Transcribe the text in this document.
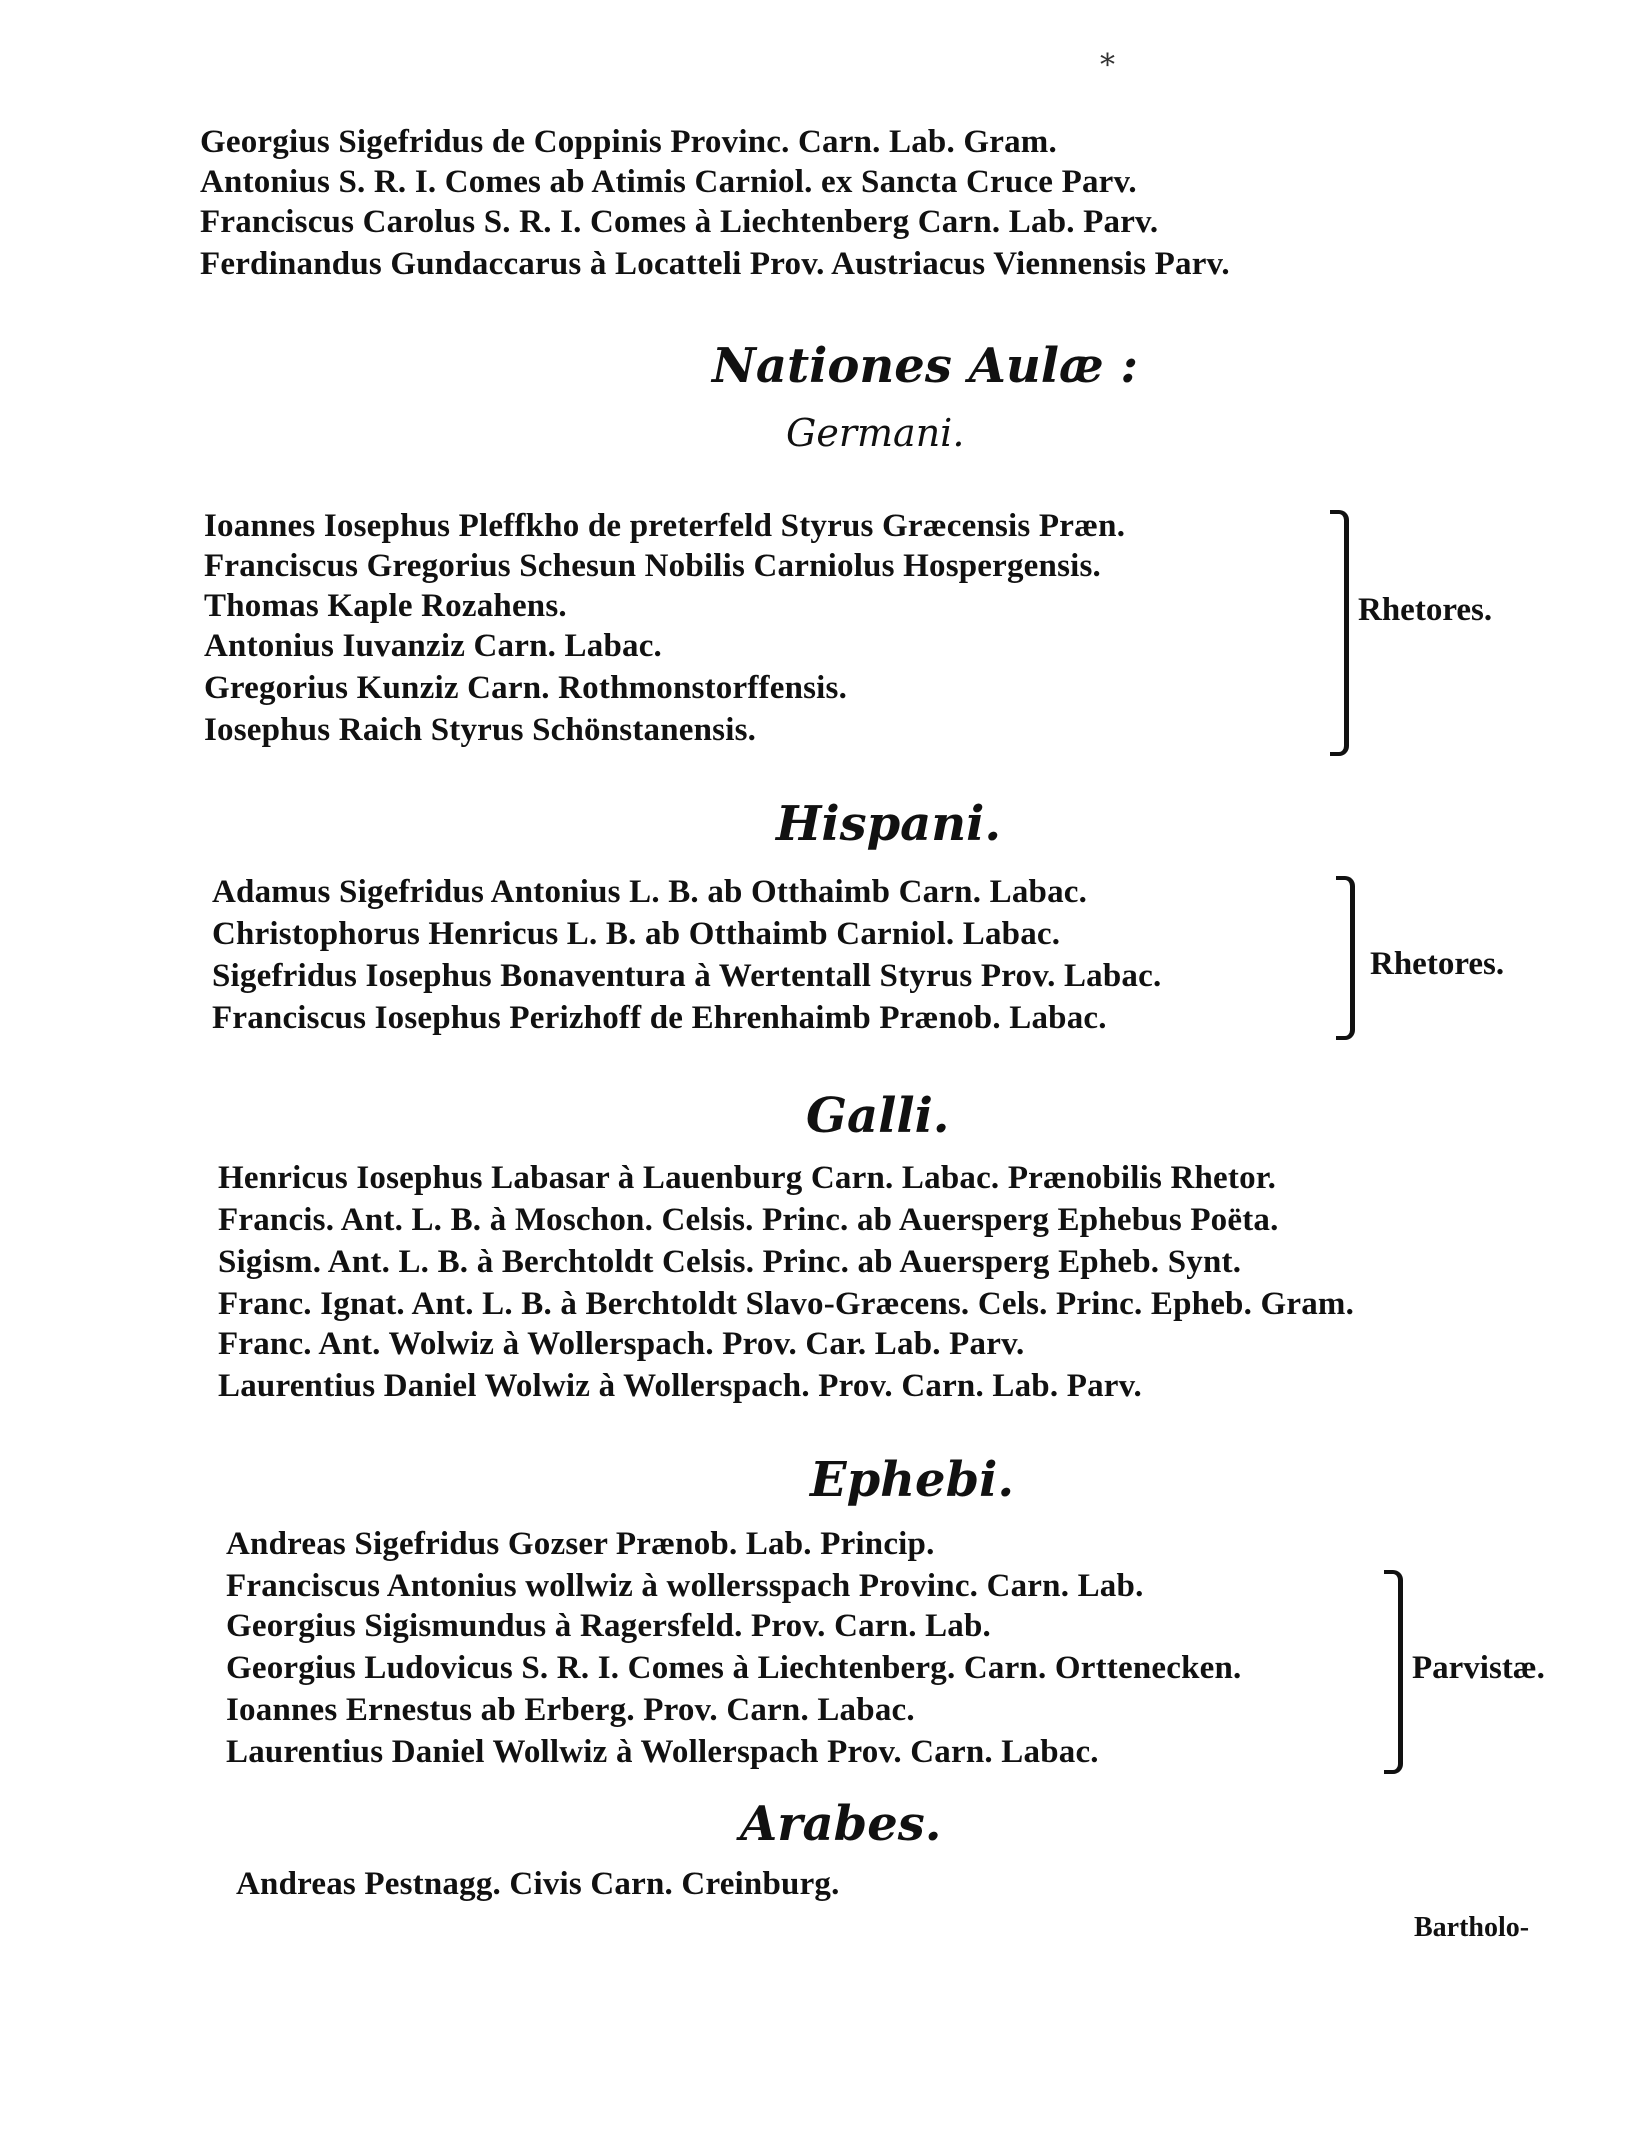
*
Georgius Sigefridus de Coppinis Provinc. Carn. Lab. Gram.
Antonius S. R. I. Comes ab Atimis Carniol. ex Sancta Cruce Parv.
Franciscus Carolus S. R. I. Comes à Liechtenberg Carn. Lab. Parv.
Ferdinandus Gundaccarus à Locatteli Prov. Austriacus Viennensis Parv.
Nationes Aulæ :
Germani.
Ioannes Iosephus Pleffkho de preterfeld Styrus Græcensis Præn.
Franciscus Gregorius Schesun Nobilis Carniolus Hospergensis.
Thomas Kaple Rozahens.
Antonius Iuvanziz Carn. Labac.
Gregorius Kunziz Carn. Rothmonstorffensis.
Iosephus Raich Styrus Schönstanensis.
Rhetores.
Hispani.
Adamus Sigefridus Antonius L. B. ab Otthaimb Carn. Labac.
Christophorus Henricus L. B. ab Otthaimb Carniol. Labac.
Sigefridus Iosephus Bonaventura à Wertentall Styrus Prov. Labac.
Franciscus Iosephus Perizhoff de Ehrenhaimb Prænob. Labac.
Rhetores.
Galli.
Henricus Iosephus Labasar à Lauenburg Carn. Labac. Prænobilis Rhetor.
Francis. Ant. L. B. à Moschon. Celsis. Princ. ab Auersperg Ephebus Poëta.
Sigism. Ant. L. B. à Berchtoldt Celsis. Princ. ab Auersperg Epheb. Synt.
Franc. Ignat. Ant. L. B. à Berchtoldt Slavo-Græcens. Cels. Princ. Epheb. Gram.
Franc. Ant. Wolwiz à Wollerspach. Prov. Car. Lab. Parv.
Laurentius Daniel Wolwiz à Wollerspach. Prov. Carn. Lab. Parv.
Ephebi.
Andreas Sigefridus Gozser Prænob. Lab. Princip.
Franciscus Antonius wollwiz à wollersspach Provinc. Carn. Lab.
Georgius Sigismundus à Ragersfeld. Prov. Carn. Lab.
Georgius Ludovicus S. R. I. Comes à Liechtenberg. Carn. Orttenecken.
Ioannes Ernestus ab Erberg. Prov. Carn. Labac.
Laurentius Daniel Wollwiz à Wollerspach Prov. Carn. Labac.
Parvistæ.
Arabes.
Andreas Pestnagg. Civis Carn. Creinburg.
Bartholo-
